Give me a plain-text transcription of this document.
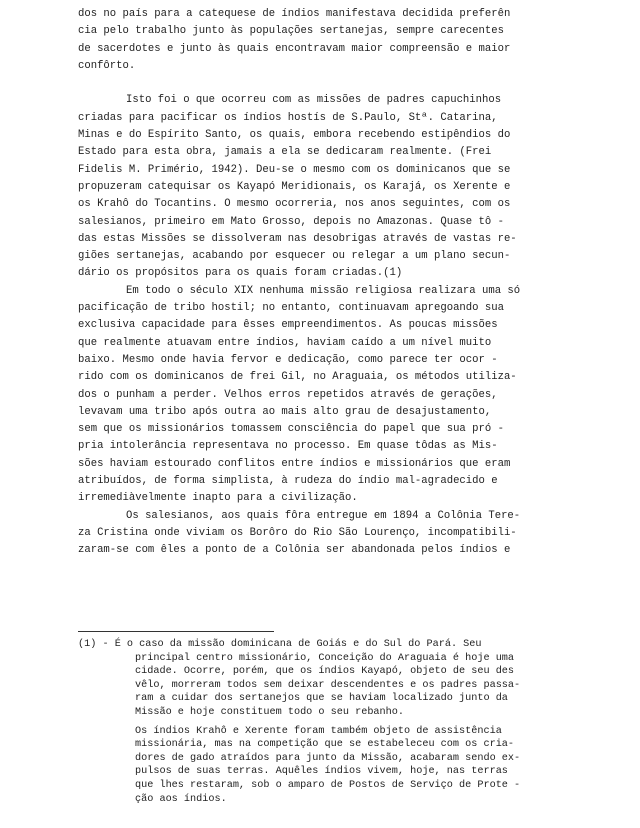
dos no país para a catequese de índios manifestava decidida preferên
cia pelo trabalho junto às populações sertanejas, sempre carecentes
de sacerdotes e junto às quais encontravam maior compreensão e maior
confôrto.
Isto foi o que ocorreu com as missões de padres capuchinhos
criadas para pacificar os índios hostís de S.Paulo, Stª. Catarina,
Minas e do Espírito Santo, os quais, embora recebendo estipêndios do
Estado para esta obra, jamais a ela se dedicaram realmente. (Frei
Fidelis M. Primério, 1942). Deu-se o mesmo com os dominicanos que se
propuzeram catequisar os Kayapó Meridionais, os Karajá, os Xerente e
os Krahô do Tocantins. O mesmo ocorreria, nos anos seguintes, com os
salesianos, primeiro em Mato Grosso, depois no Amazonas. Quase tô -
das estas Missões se dissolveram nas desobrigas através de vastas re-
giões sertanejas, acabando por esquecer ou relegar a um plano secun-
dário os propósitos para os quais foram criadas.(1)
Em todo o século XIX nenhuma missão religiosa realizara uma só
pacificação de tribo hostil; no entanto, continuavam apregoando sua
exclusiva capacidade para êsses empreendimentos. As poucas missões
que realmente atuavam entre índios, haviam caído a um nível muito
baixo. Mesmo onde havia fervor e dedicação, como parece ter ocor -
rido com os dominicanos de frei Gil, no Araguaia, os métodos utiliza-
dos o punham a perder. Velhos erros repetidos através de gerações,
levavam uma tribo após outra ao mais alto grau de desajustamento,
sem que os missionários tomassem consciência do papel que sua pró -
pria intolerância representava no processo. Em quase tôdas as Mis-
sões haviam estourado conflitos entre índios e missionários que eram
atribuídos, de forma simplista, à rudeza do índio mal-agradecido e
irremediàvelmente inapto para a civilização.
Os salesianos, aos quais fôra entregue em 1894 a Colônia Tere-
za Cristina onde viviam os Borôro do Rio São Lourenço, incompatibili-
zaram-se com êles a ponto de a Colônia ser abandonada pelos índios e
(1) - É o caso da missão dominicana de Goiás e do Sul do Pará. Seu
principal centro missionário, Conceição do Araguaia é hoje uma
cidade. Ocorre, porém, que os índios Kayapó, objeto de seu des
vêlo, morreram todos sem deixar descendentes e os padres passa-
ram a cuidar dos sertanejos que se haviam localizado junto da
Missão e hoje constituem todo o seu rebanho.
Os índios Krahô e Xerente foram também objeto de assistência
missionária, mas na competição que se estabeleceu com os cria-
dores de gado atraídos para junto da Missão, acabaram sendo ex-
pulsos de suas terras. Aquêles índios vivem, hoje, nas terras
que lhes restaram, sob o amparo de Postos de Serviço de Prote -
ção aos índios.
